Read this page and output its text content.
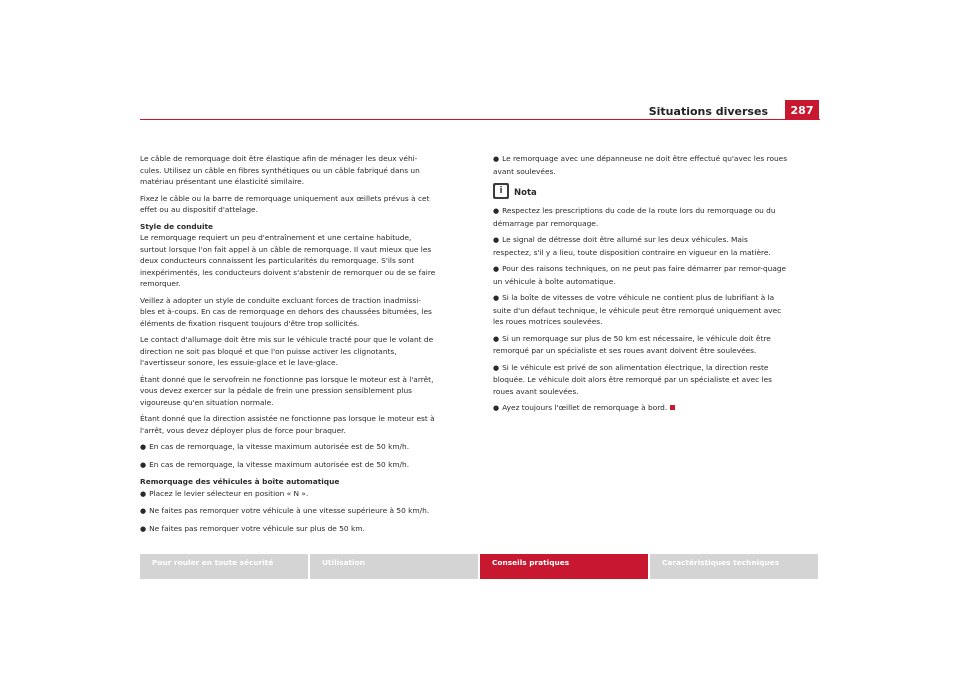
Situations diverses	287

Le câble de remorquage doit être élastique afin de ménager les deux véhi-cules. Utilisez un câble en fibres synthétiques ou un câble fabriqué dans un matériau présentant une élasticité similaire.

Fixez le câble ou la barre de remorquage uniquement aux œillets prévus à cet effet ou au dispositif d'attelage.

Style de conduite

Le remorquage requiert un peu d'entraînement et une certaine habitude, surtout lorsque l'on fait appel à un câble de remorquage. Il vaut mieux que les deux conducteurs connaissent les particularités du remorquage. S'ils sont inexpérimentés, les conducteurs doivent s'abstenir de remorquer ou de se faire remorquer.

Veillez à adopter un style de conduite excluant forces de traction inadmissi-bles et à-coups. En cas de remorquage en dehors des chaussées bitumées, les éléments de fixation risquent toujours d'être trop sollicités.

Le contact d'allumage doit être mis sur le véhicule tracté pour que le volant de direction ne soit pas bloqué et que l'on puisse activer les clignotants, l'avertisseur sonore, les essuie-glace et le lave-glace.

Étant donné que le servofrein ne fonctionne pas lorsque le moteur est à l'arrêt, vous devez exercer sur la pédale de frein une pression sensiblement plus vigoureuse qu'en situation normale.

Étant donné que la direction assistée ne fonctionne pas lorsque le moteur est à l'arrêt, vous devez déployer plus de force pour braquer.

● En cas de remorquage, la vitesse maximum autorisée est de 50 km/h.
● En cas de remorquage, la vitesse maximum autorisée est de 50 km/h.
Remorquage des véhicules à boîte automatique
● Placez le levier sélecteur en position « N ».
● Ne faites pas remorquer votre véhicule à une vitesse supérieure à 50 km/h.
● Ne faites pas remorquer votre véhicule sur plus de 50 km.
● Le remorquage avec une dépanneuse ne doit être effectué qu'avec les roues avant soulevées.
i	Nota
● Respectez les prescriptions du code de la route lors du remorquage ou du démarrage par remorquage.
● Le signal de détresse doit être allumé sur les deux véhicules. Mais respectez, s'il y a lieu, toute disposition contraire en vigueur en la matière.
● Pour des raisons techniques, on ne peut pas faire démarrer par remor-quage un véhicule à boîte automatique.
● Si la boîte de vitesses de votre véhicule ne contient plus de lubrifiant à la suite d'un défaut technique, le véhicule peut être remorqué uniquement avec les roues motrices soulevées.
● Si un remorquage sur plus de 50 km est nécessaire, le véhicule doit être remorqué par un spécialiste et ses roues avant doivent être soulevées.
● Si le véhicule est privé de son alimentation électrique, la direction reste bloquée. Le véhicule doit alors être remorqué par un spécialiste et avec les roues avant soulevées.
● Ayez toujours l'œillet de remorquage à bord.
Pour rouler en toute sécurité	Utilisation	Conseils pratiques	Caractéristiques techniques
